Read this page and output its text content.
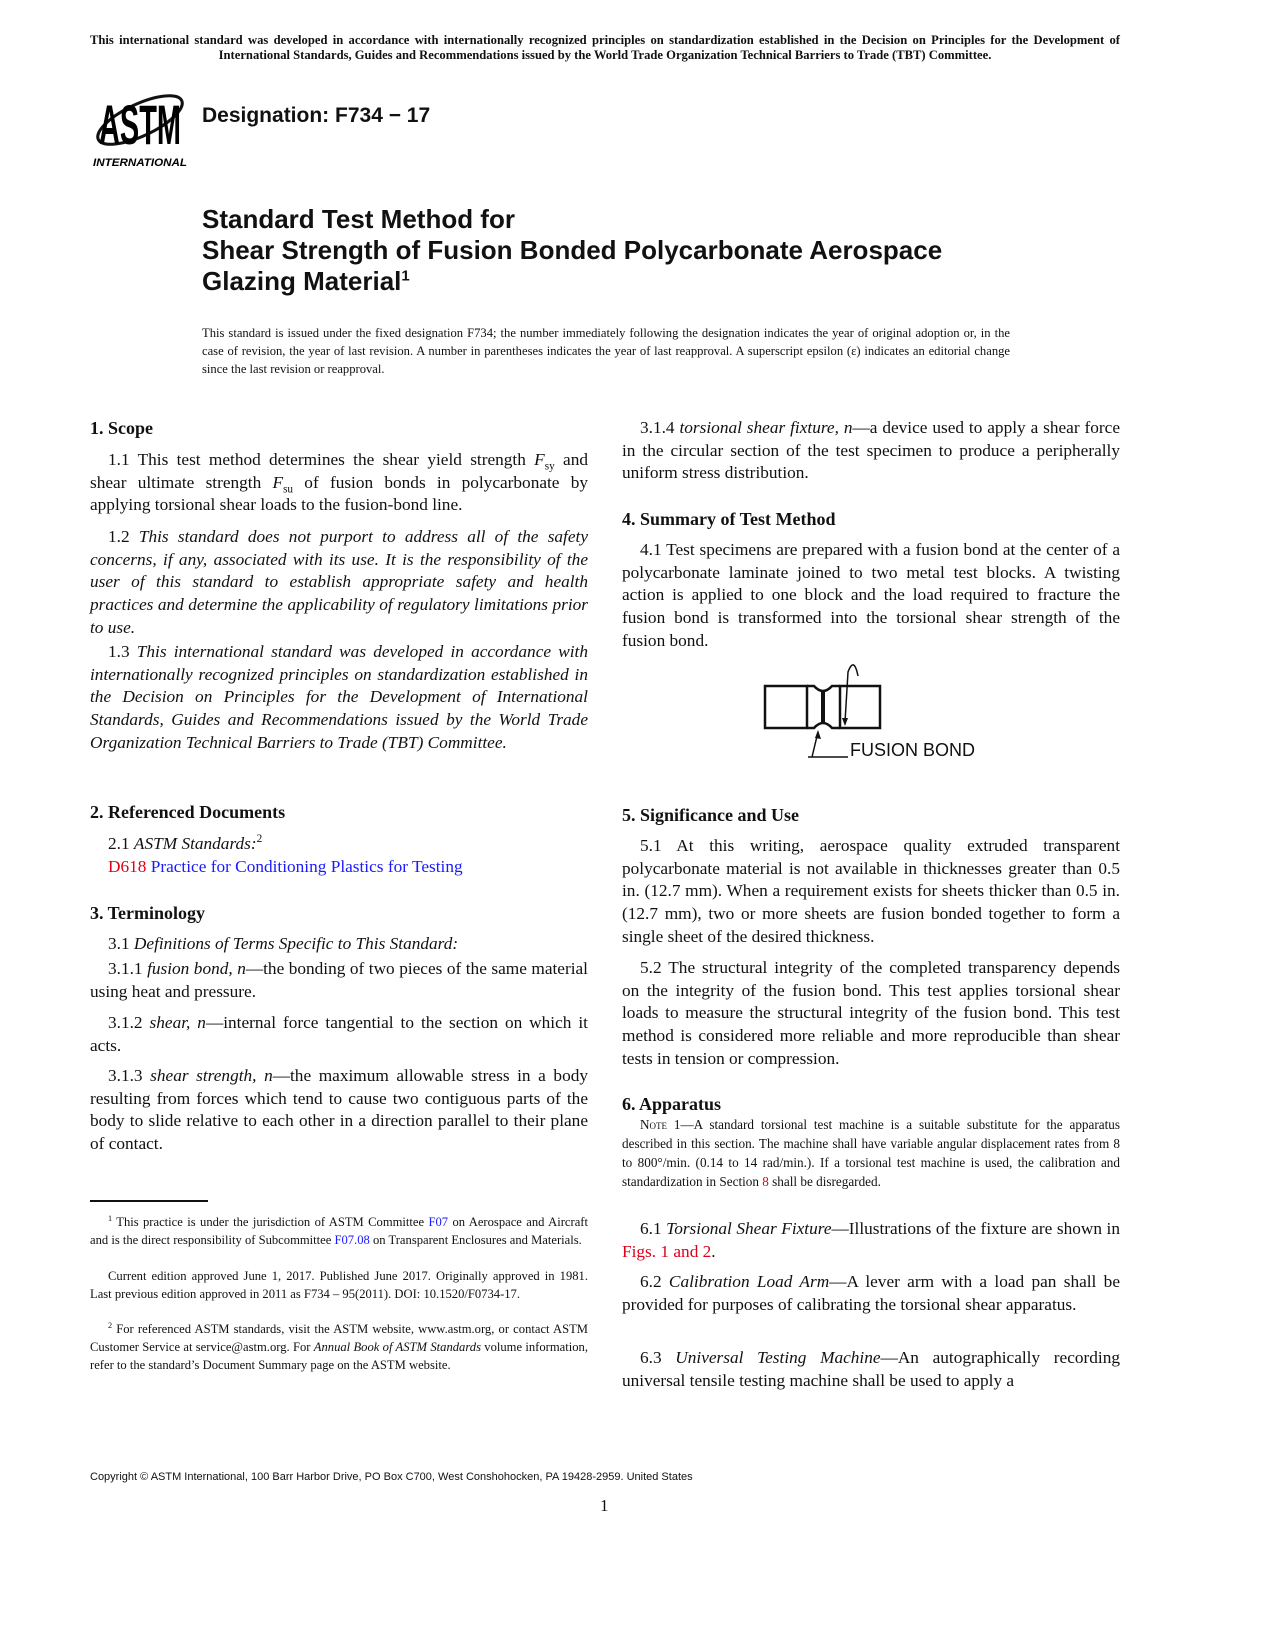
This international standard was developed in accordance with internationally recognized principles on standardization established in the Decision on Principles for the Development of International Standards, Guides and Recommendations issued by the World Trade Organization Technical Barriers to Trade (TBT) Committee.
ASTM
INTERNATIONAL
Designation: F734 − 17
Standard Test Method for
Shear Strength of Fusion Bonded Polycarbonate Aerospace
Glazing Material$^1$
This standard is issued under the fixed designation F734; the number immediately following the designation indicates the year of original adoption or, in the case of revision, the year of last revision. A number in parentheses indicates the year of last reapproval. A superscript epsilon (ε) indicates an editorial change since the last revision or reapproval.
1. Scope
1.1 This test method determines the shear yield strength $F_{sy}$ and shear ultimate strength $F_{su}$ of fusion bonds in polycarbonate by applying torsional shear loads to the fusion-bond line.
1.2 This standard does not purport to address all of the safety concerns, if any, associated with its use. It is the responsibility of the user of this standard to establish appropriate safety and health practices and determine the applicability of regulatory limitations prior to use.
1.3 This international standard was developed in accordance with internationally recognized principles on standardization established in the Decision on Principles for the Development of International Standards, Guides and Recommendations issued by the World Trade Organization Technical Barriers to Trade (TBT) Committee.
2. Referenced Documents
2.1 ASTM Standards:$^2$
D618 Practice for Conditioning Plastics for Testing
3. Terminology
3.1 Definitions of Terms Specific to This Standard:
3.1.1 fusion bond, n—the bonding of two pieces of the same material using heat and pressure.
3.1.2 shear, n—internal force tangential to the section on which it acts.
3.1.3 shear strength, n—the maximum allowable stress in a body resulting from forces which tend to cause two contiguous parts of the body to slide relative to each other in a direction parallel to their plane of contact.
$^1$ This practice is under the jurisdiction of ASTM Committee F07 on Aerospace and Aircraft and is the direct responsibility of Subcommittee F07.08 on Transparent Enclosures and Materials.
Current edition approved June 1, 2017. Published June 2017. Originally approved in 1981. Last previous edition approved in 2011 as F734 – 95(2011). DOI: 10.1520/F0734-17.
$^2$ For referenced ASTM standards, visit the ASTM website, www.astm.org, or contact ASTM Customer Service at service@astm.org. For Annual Book of ASTM Standards volume information, refer to the standard’s Document Summary page on the ASTM website.
3.1.4 torsional shear fixture, n—a device used to apply a shear force in the circular section of the test specimen to produce a peripherally uniform stress distribution.
4. Summary of Test Method
4.1 Test specimens are prepared with a fusion bond at the center of a polycarbonate laminate joined to two metal test blocks. A twisting action is applied to one block and the load required to fracture the fusion bond is transformed into the torsional shear strength of the fusion bond.
FUSION BOND
5. Significance and Use
5.1 At this writing, aerospace quality extruded transparent polycarbonate material is not available in thicknesses greater than 0.5 in. (12.7 mm). When a requirement exists for sheets thicker than 0.5 in. (12.7 mm), two or more sheets are fusion bonded together to form a single sheet of the desired thickness.
5.2 The structural integrity of the completed transparency depends on the integrity of the fusion bond. This test applies torsional shear loads to measure the structural integrity of the fusion bond. This test method is considered more reliable and more reproducible than shear tests in tension or compression.
6. Apparatus
Note 1—A standard torsional test machine is a suitable substitute for the apparatus described in this section. The machine shall have variable angular displacement rates from 8 to 800°/min. (0.14 to 14 rad/min.). If a torsional test machine is used, the calibration and standardization in Section 8 shall be disregarded.
6.1 Torsional Shear Fixture—Illustrations of the fixture are shown in Figs. 1 and 2.
6.2 Calibration Load Arm—A lever arm with a load pan shall be provided for purposes of calibrating the torsional shear apparatus.
6.3 Universal Testing Machine—An autographically recording universal tensile testing machine shall be used to apply a
Copyright © ASTM International, 100 Barr Harbor Drive, PO Box C700, West Conshohocken, PA 19428-2959. United States
1
